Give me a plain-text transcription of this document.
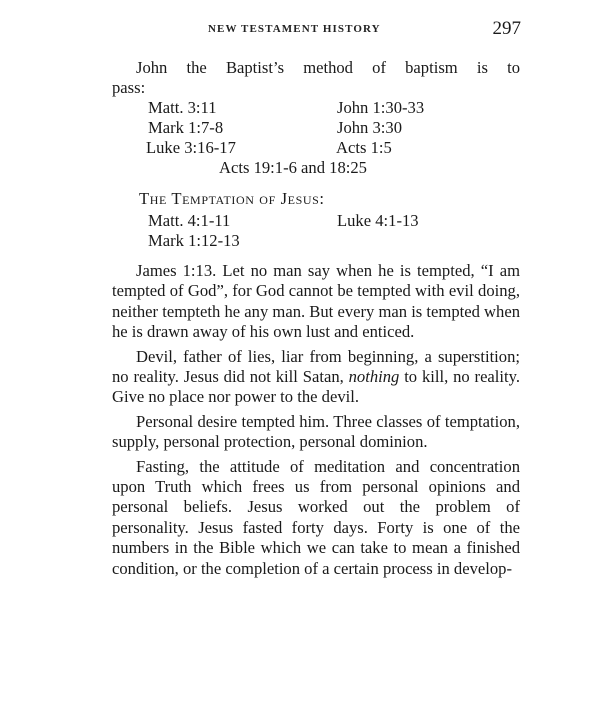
NEW TESTAMENT HISTORY	297

John the Baptist’s method of baptism is to

pass:

Matt. 3:11	John 1:30-33
Mark 1:7-8	John 3:30
Luke 3:16-17	Acts 1:5
Acts 19:1-6 and 18:25
The Temptation of Jesus:
Matt. 4:1-11	Luke 4:1-13
Mark 1:12-13

James 1:13. Let no man say when he is tempted, “I am tempted of God”, for God cannot be tempted with evil doing, neither tempteth he any man. But every man is tempted when he is drawn away of his own lust and enticed.

Devil, father of lies, liar from beginning, a superstition; no reality. Jesus did not kill Satan, nothing to kill, no reality. Give no place nor power to the devil.

Personal desire tempted him. Three classes of temptation, supply, personal protection, personal dominion.

Fasting, the attitude of meditation and concentration upon Truth which frees us from personal opinions and personal beliefs. Jesus worked out the problem of personality. Jesus fasted forty days. Forty is one of the numbers in the Bible which we can take to mean a finished condition, or the completion of a certain process in develop-
